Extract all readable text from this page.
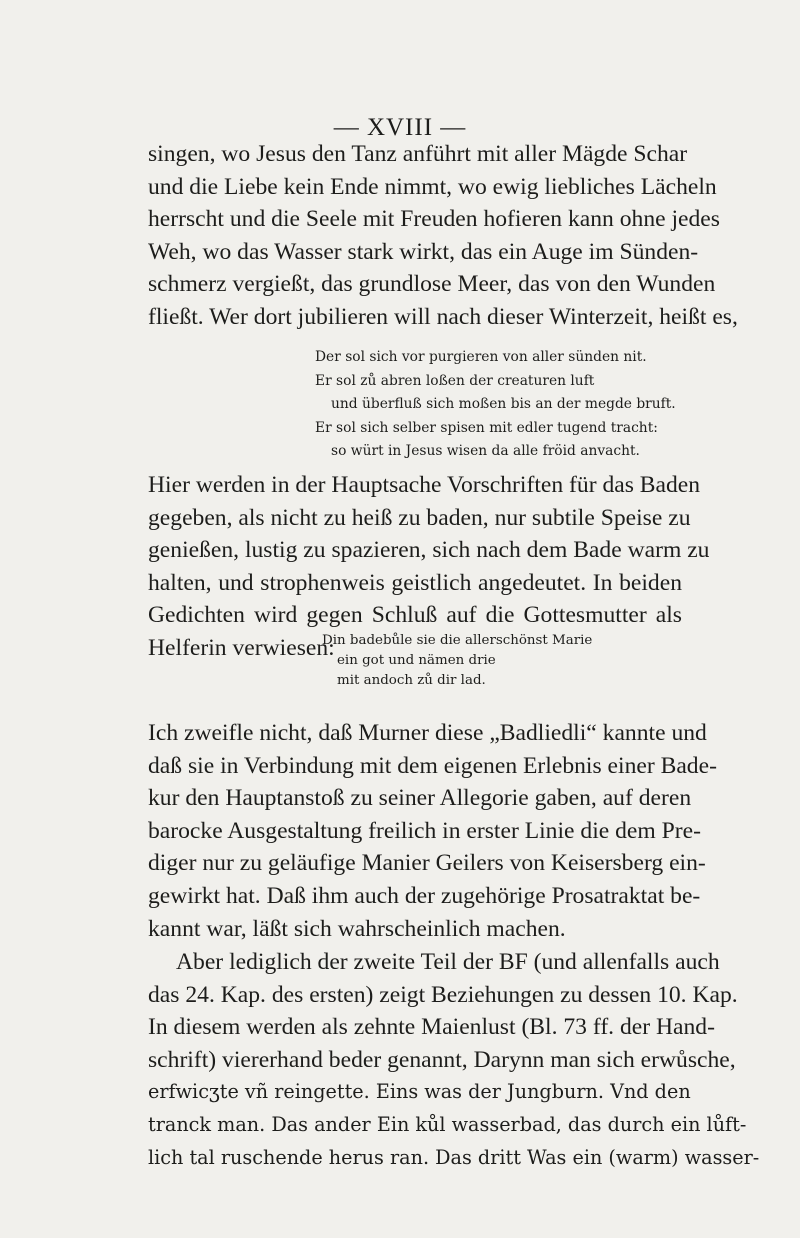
— XVIII —
singen, wo Jesus den Tanz anführt mit aller Mägde Schar
und die Liebe kein Ende nimmt, wo ewig liebliches Lächeln
herrscht und die Seele mit Freuden hofieren kann ohne jedes
Weh, wo das Wasser stark wirkt, das ein Auge im Sünden-
schmerz vergießt, das grundlose Meer, das von den Wunden
fließt. Wer dort jubilieren will nach dieser Winterzeit, heißt es,
Der sol sich vor purgieren von aller sünden nit.
Er sol zů abren loßen der creaturen luft
und überfluß sich moßen bis an der megde bruft.
Er sol sich selber spisen mit edler tugend tracht:
so würt in Jesus wisen da alle fröid anvacht.
Hier werden in der Hauptsache Vorschriften für das Baden
gegeben, als nicht zu heiß zu baden, nur subtile Speise zu
genießen, lustig zu spazieren, sich nach dem Bade warm zu
halten, und strophenweis geistlich angedeutet. In beiden
Gedichten wird gegen Schluß auf die Gottesmutter als
Helferin verwiesen:
Din badebůle sie die allerschönst Marie
ein got und nämen drie
mit andoch zů dir lad.
Ich zweifle nicht, daß Murner diese „Badliedli“ kannte und
daß sie in Verbindung mit dem eigenen Erlebnis einer Bade-
kur den Hauptanstoß zu seiner Allegorie gaben, auf deren
barocke Ausgestaltung freilich in erster Linie die dem Pre-
diger nur zu geläufige Manier Geilers von Keisersberg ein-
gewirkt hat. Daß ihm auch der zugehörige Prosatraktat be-
kannt war, läßt sich wahrscheinlich machen.
Aber lediglich der zweite Teil der BF (und allenfalls auch
das 24. Kap. des ersten) zeigt Beziehungen zu dessen 10. Kap.
In diesem werden als zehnte Maienlust (Bl. 73 ff. der Hand-
schrift) viererhand beder genannt, Darynn man sich erwůsche,
erfwicʒte vñ reingette. Eins was der Jungburn. Vnd den
tranck man. Das ander Ein kůl wasserbad, das durch ein lůft-
lich tal ruschende herus ran. Das dritt Was ein (warm) wasser-
